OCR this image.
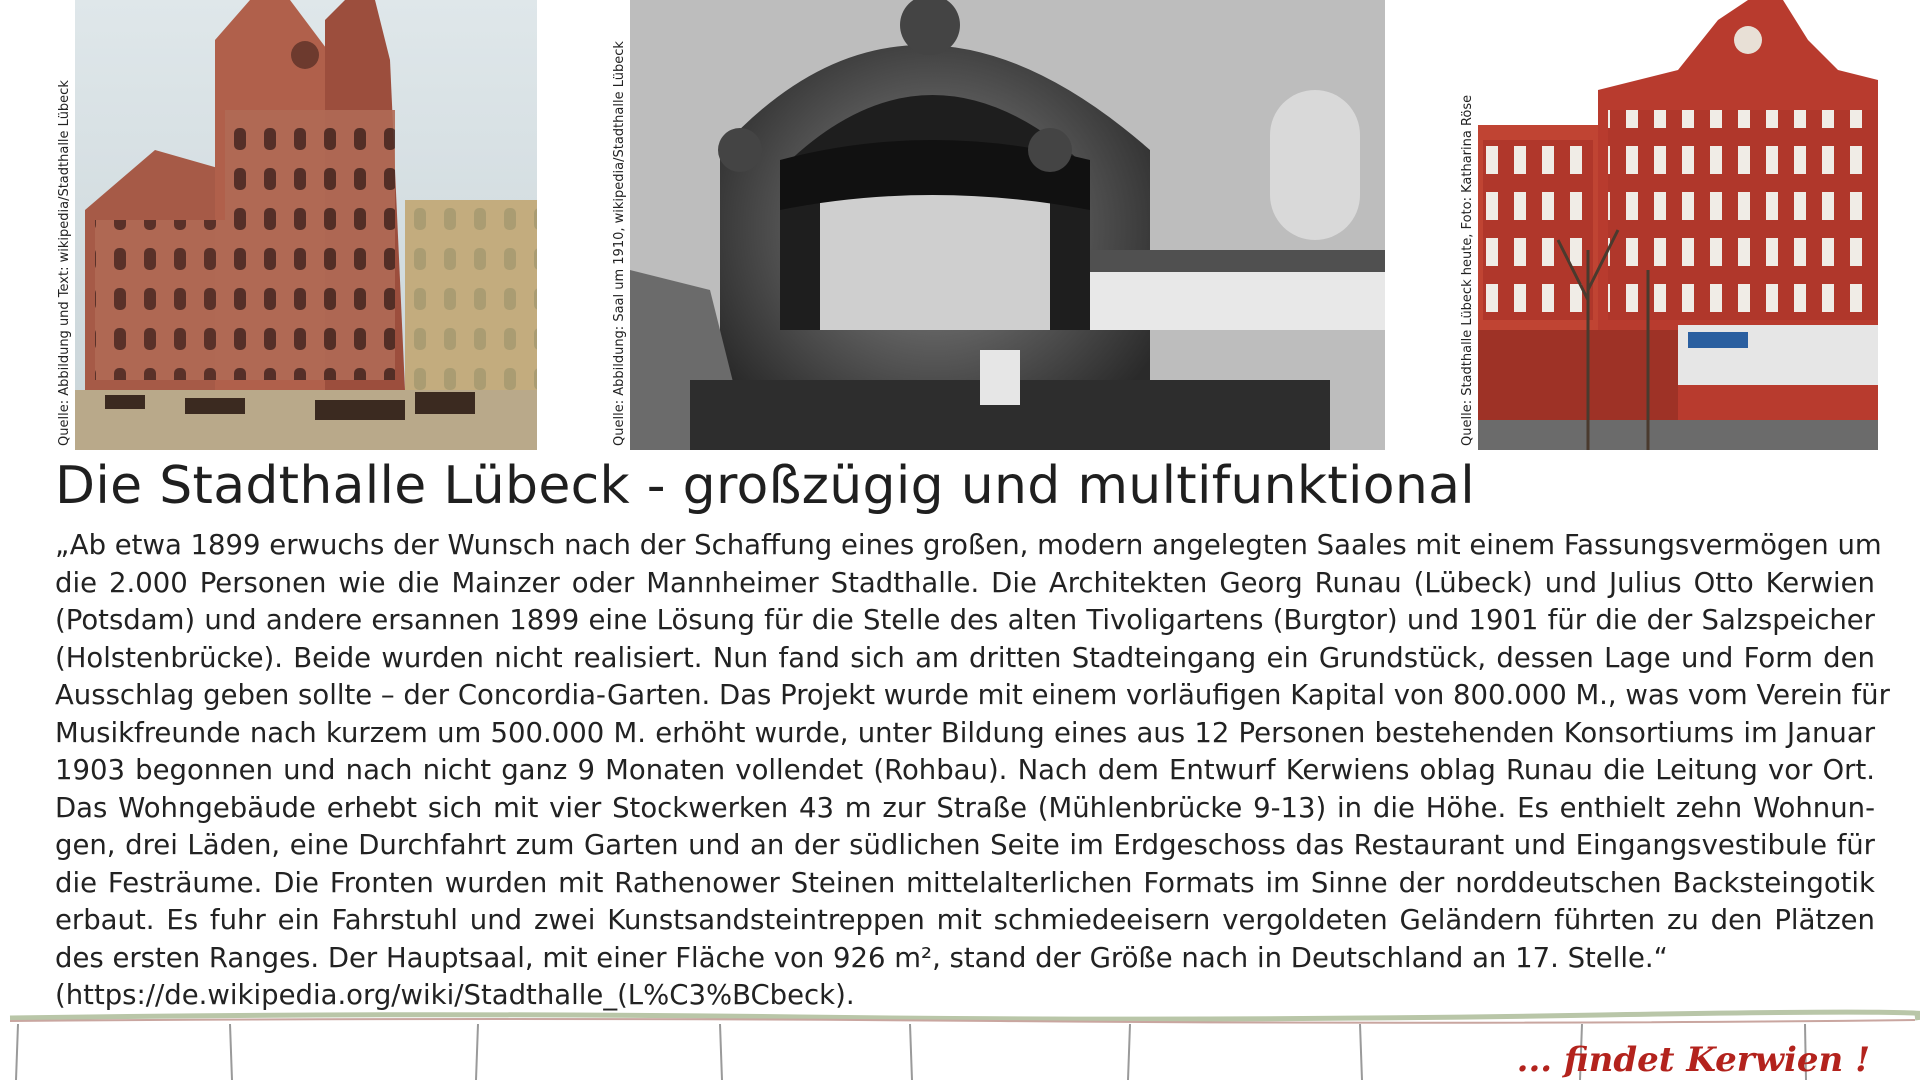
Quelle: Abbildung und Text: wikipedia/Stadthalle Lübeck	Quelle: Abbildung: Saal um 1910, wikipedia/Stadthalle Lübeck	Quelle: Stadthalle Lübeck heute, Foto: Katharina Röse
Die Stadthalle Lübeck - großzügig und multifunktional
„Ab etwa 1899 erwuchs der Wunsch nach der Schaffung eines großen, modern angelegten Saales mit einem Fassungsvermögen um
die 2.000 Personen wie die Mainzer oder Mannheimer Stadthalle. Die Architekten Georg Runau (Lübeck) und Julius Otto Kerwien
(Potsdam) und andere ersannen 1899 eine Lösung für die Stelle des alten Tivoligartens (Burgtor) und 1901 für die der Salzspeicher
(Holstenbrücke). Beide wurden nicht realisiert. Nun fand sich am dritten Stadteingang ein Grundstück, dessen Lage und Form den
Ausschlag geben sollte – der Concordia-Garten. Das Projekt wurde mit einem vorläufigen Kapital von 800.000 M., was vom Verein für
Musikfreunde nach kurzem um 500.000 M. erhöht wurde, unter Bildung eines aus 12 Personen bestehenden Konsortiums im Januar
1903 begonnen und nach nicht ganz 9 Monaten vollendet (Rohbau). Nach dem Entwurf Kerwiens oblag Runau die Leitung vor Ort.
Das Wohngebäude erhebt sich mit vier Stockwerken 43 m zur Straße (Mühlenbrücke 9-13) in die Höhe. Es enthielt zehn Wohnun-
gen, drei Läden, eine Durchfahrt zum Garten und an der südlichen Seite im Erdgeschoss das Restaurant und Eingangsvestibule für
die Festräume. Die Fronten wurden mit Rathenower Steinen mittelalterlichen Formats im Sinne der norddeutschen Backsteingotik
erbaut. Es fuhr ein Fahrstuhl und zwei Kunstsandsteintreppen mit schmiedeeisern vergoldeten Geländern führten zu den Plätzen
des ersten Ranges. Der Hauptsaal, mit einer Fläche von 926 m², stand der Größe nach in Deutschland an 17. Stelle.“
(https://de.wikipedia.org/wiki/Stadthalle_(L%C3%BCbeck).
... findet Kerwien !
